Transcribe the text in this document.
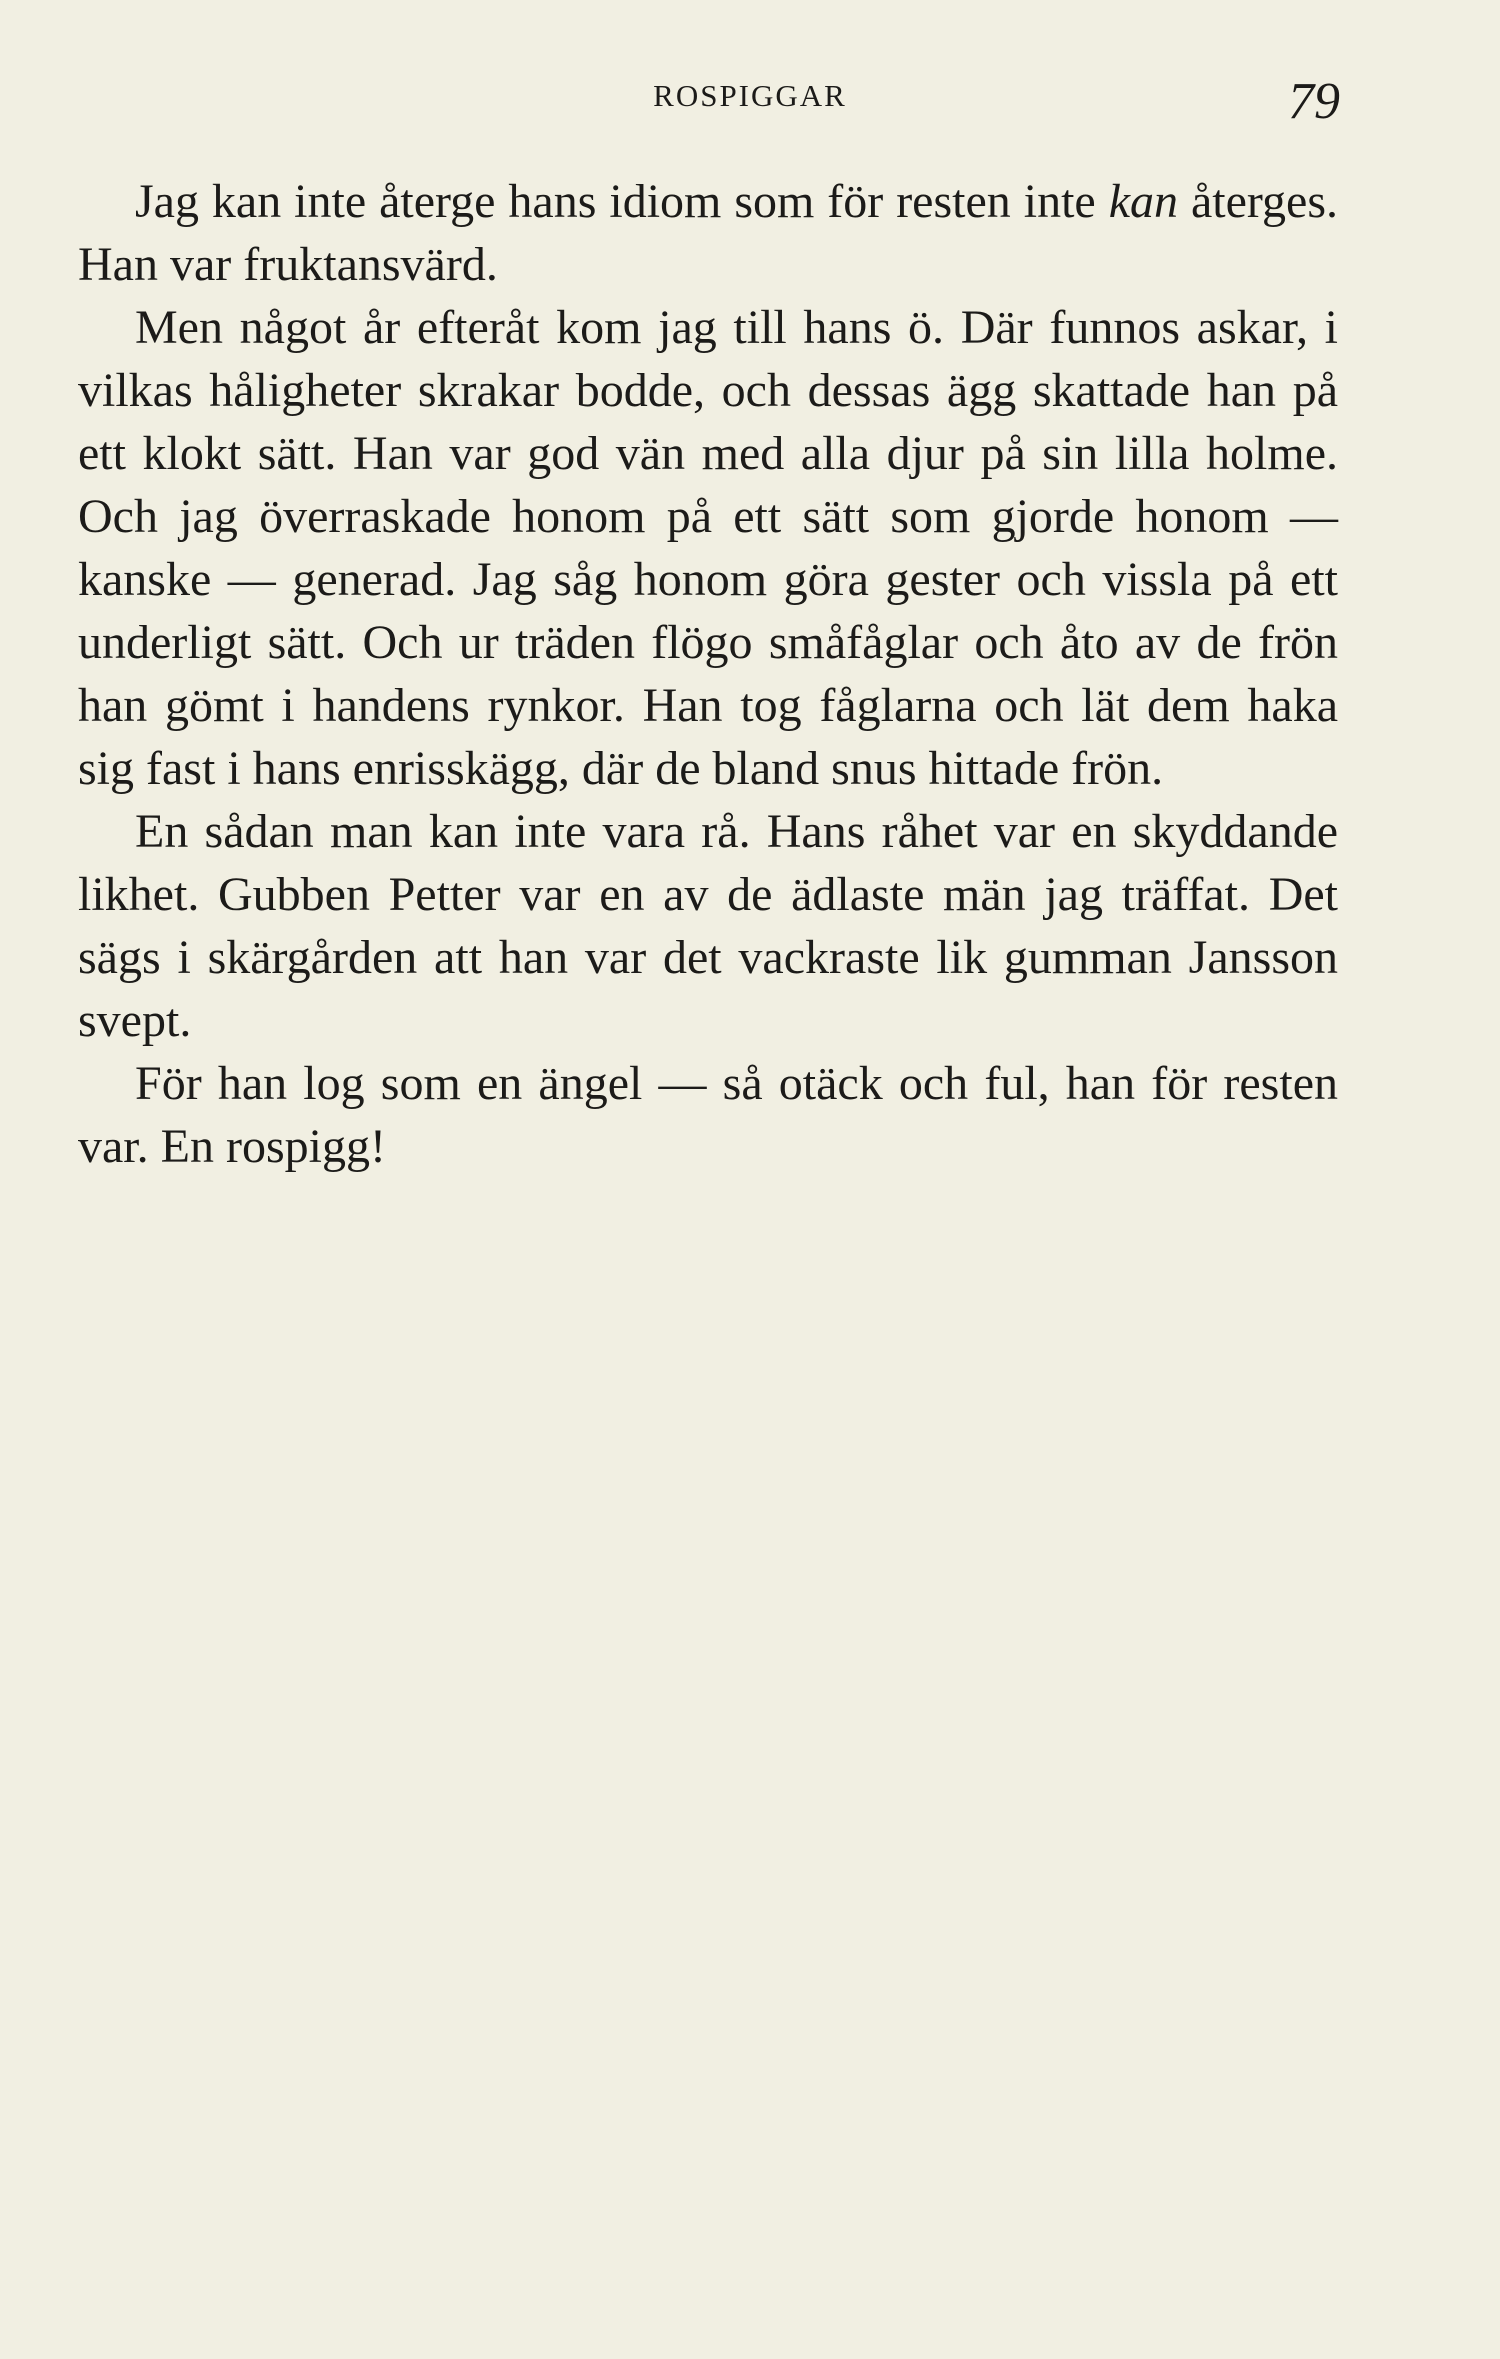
ROSPIGGAR	79

Jag kan inte återge hans idiom som för resten inte kan återges. Han var fruktansvärd.

Men något år efteråt kom jag till hans ö. Där funnos askar, i vilkas håligheter skrakar bodde, och dessas ägg skattade han på ett klokt sätt. Han var god vän med alla djur på sin lilla holme. Och jag överraskade honom på ett sätt som gjorde honom — kanske — generad. Jag såg honom göra gester och vissla på ett underligt sätt. Och ur träden flögo småfåglar och åto av de frön han gömt i handens rynkor. Han tog fåglarna och lät dem haka sig fast i hans enrisskägg, där de bland snus hittade frön.

En sådan man kan inte vara rå. Hans råhet var en skyddande likhet. Gubben Petter var en av de ädlaste män jag träffat. Det sägs i skärgården att han var det vackraste lik gumman Jansson svept.

För han log som en ängel — så otäck och ful, han för resten var. En rospigg!
